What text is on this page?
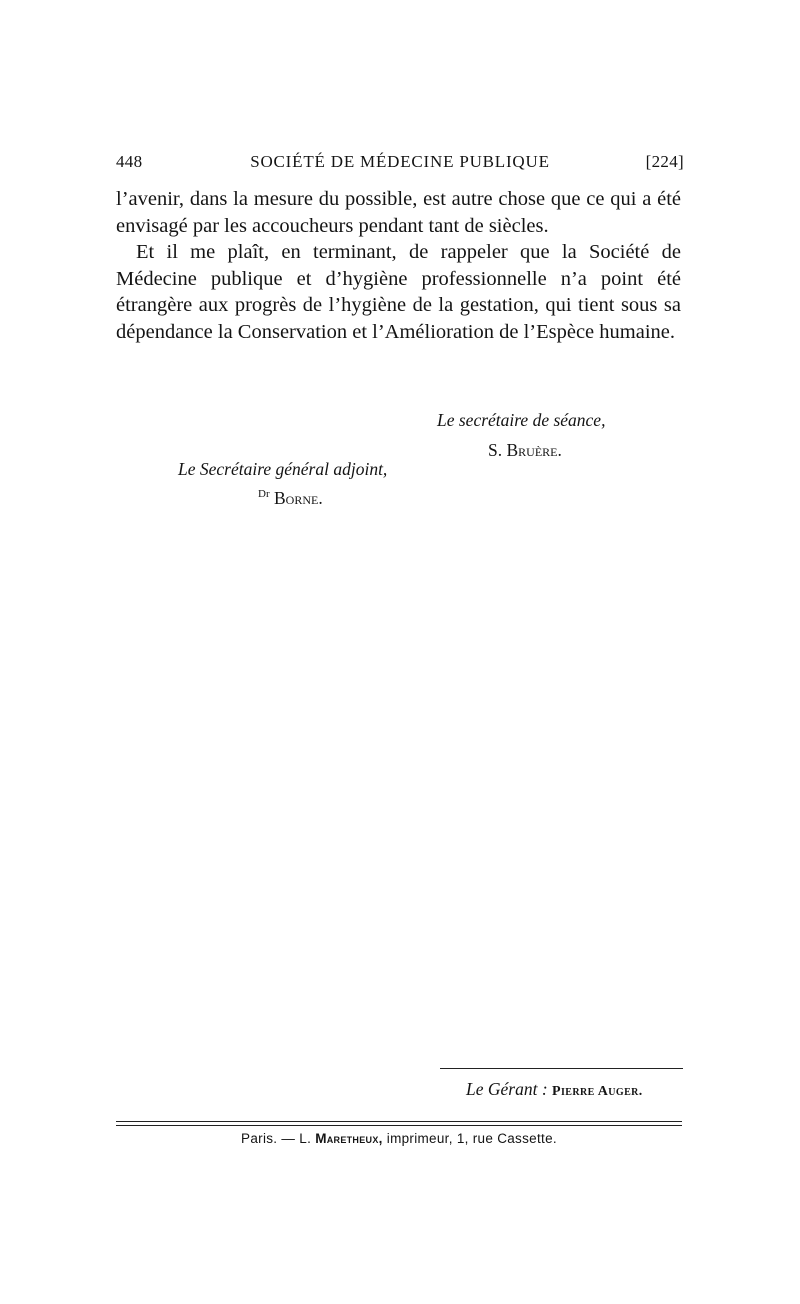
448	SOCIÉTÉ DE MÉDECINE PUBLIQUE	[224]

l’avenir, dans la mesure du possible, est autre chose que ce qui a été envisagé par les accoucheurs pendant tant de siècles.

Et il me plaît, en terminant, de rappeler que la Société de Médecine publique et d’hygiène professionnelle n’a point été étrangère aux progrès de l’hygiène de la gestation, qui tient sous sa dépendance la Conservation et l’Amélioration de l’Espèce humaine.

Le secrétaire de séance,
S. Bruère.
Le Secrétaire général adjoint,
$^{Dr}$ Borne.
Le Gérant : Pierre Auger.
Paris. — L. Maretheux, imprimeur, 1, rue Cassette.
